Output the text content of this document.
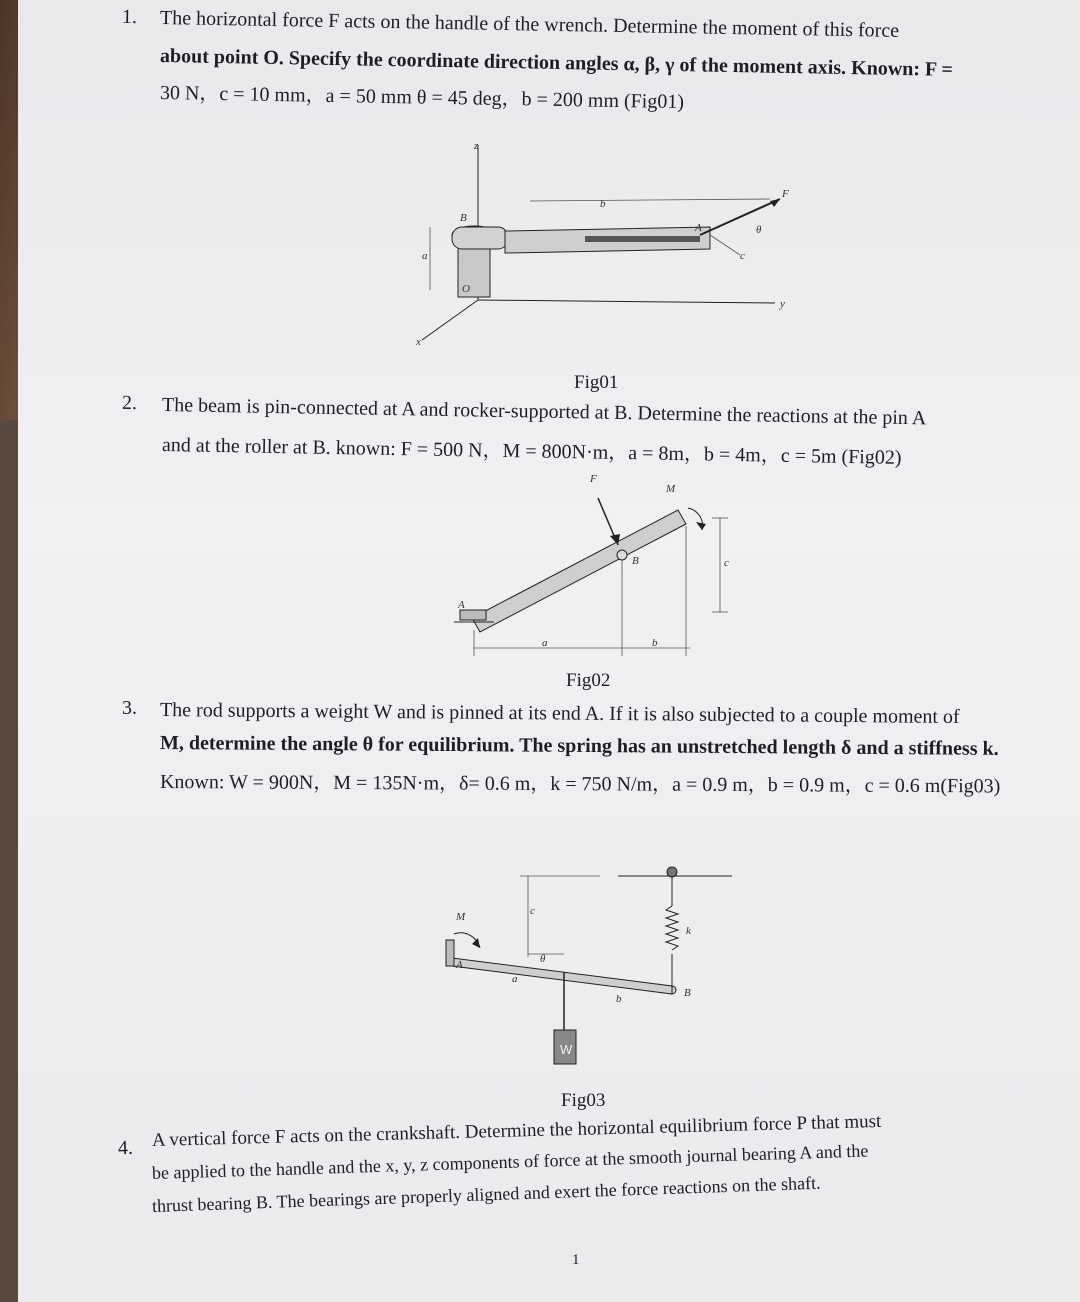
1. The horizontal force F acts on the handle of the wrench. Determine the moment of this force
about point O. Specify the coordinate direction angles α, β, γ of the moment axis. Known: F =
30 N，c = 10 mm，a = 50 mm θ = 45 deg，b = 200 mm (Fig01)
z
b
F
B
A	θ
c
O
a
y
x
Fig01
2. The beam is pin-connected at A and rocker-supported at B. Determine the reactions at the pin A
and at the roller at B. known: F = 500 N，M = 800N·m，a = 8m，b = 4m，c = 5m (Fig02)
F
M
B
A
a	b
c
Fig02
3. The rod supports a weight W and is pinned at its end A. If it is also subjected to a couple moment of
M, determine the angle θ for equilibrium. The spring has an unstretched length δ and a stiffness k.
Known: W = 900N，M = 135N·m，δ= 0.6 m，k = 750 N/m，a = 0.9 m，b = 0.9 m，c = 0.6 m(Fig03)
M
A
c
θ
a
b
k
B
W
Fig03
4. A vertical force F acts on the crankshaft. Determine the horizontal equilibrium force P that must
be applied to the handle and the x, y, z components of force at the smooth journal bearing A and the
thrust bearing B. The bearings are properly aligned and exert the force reactions on the shaft.
1
